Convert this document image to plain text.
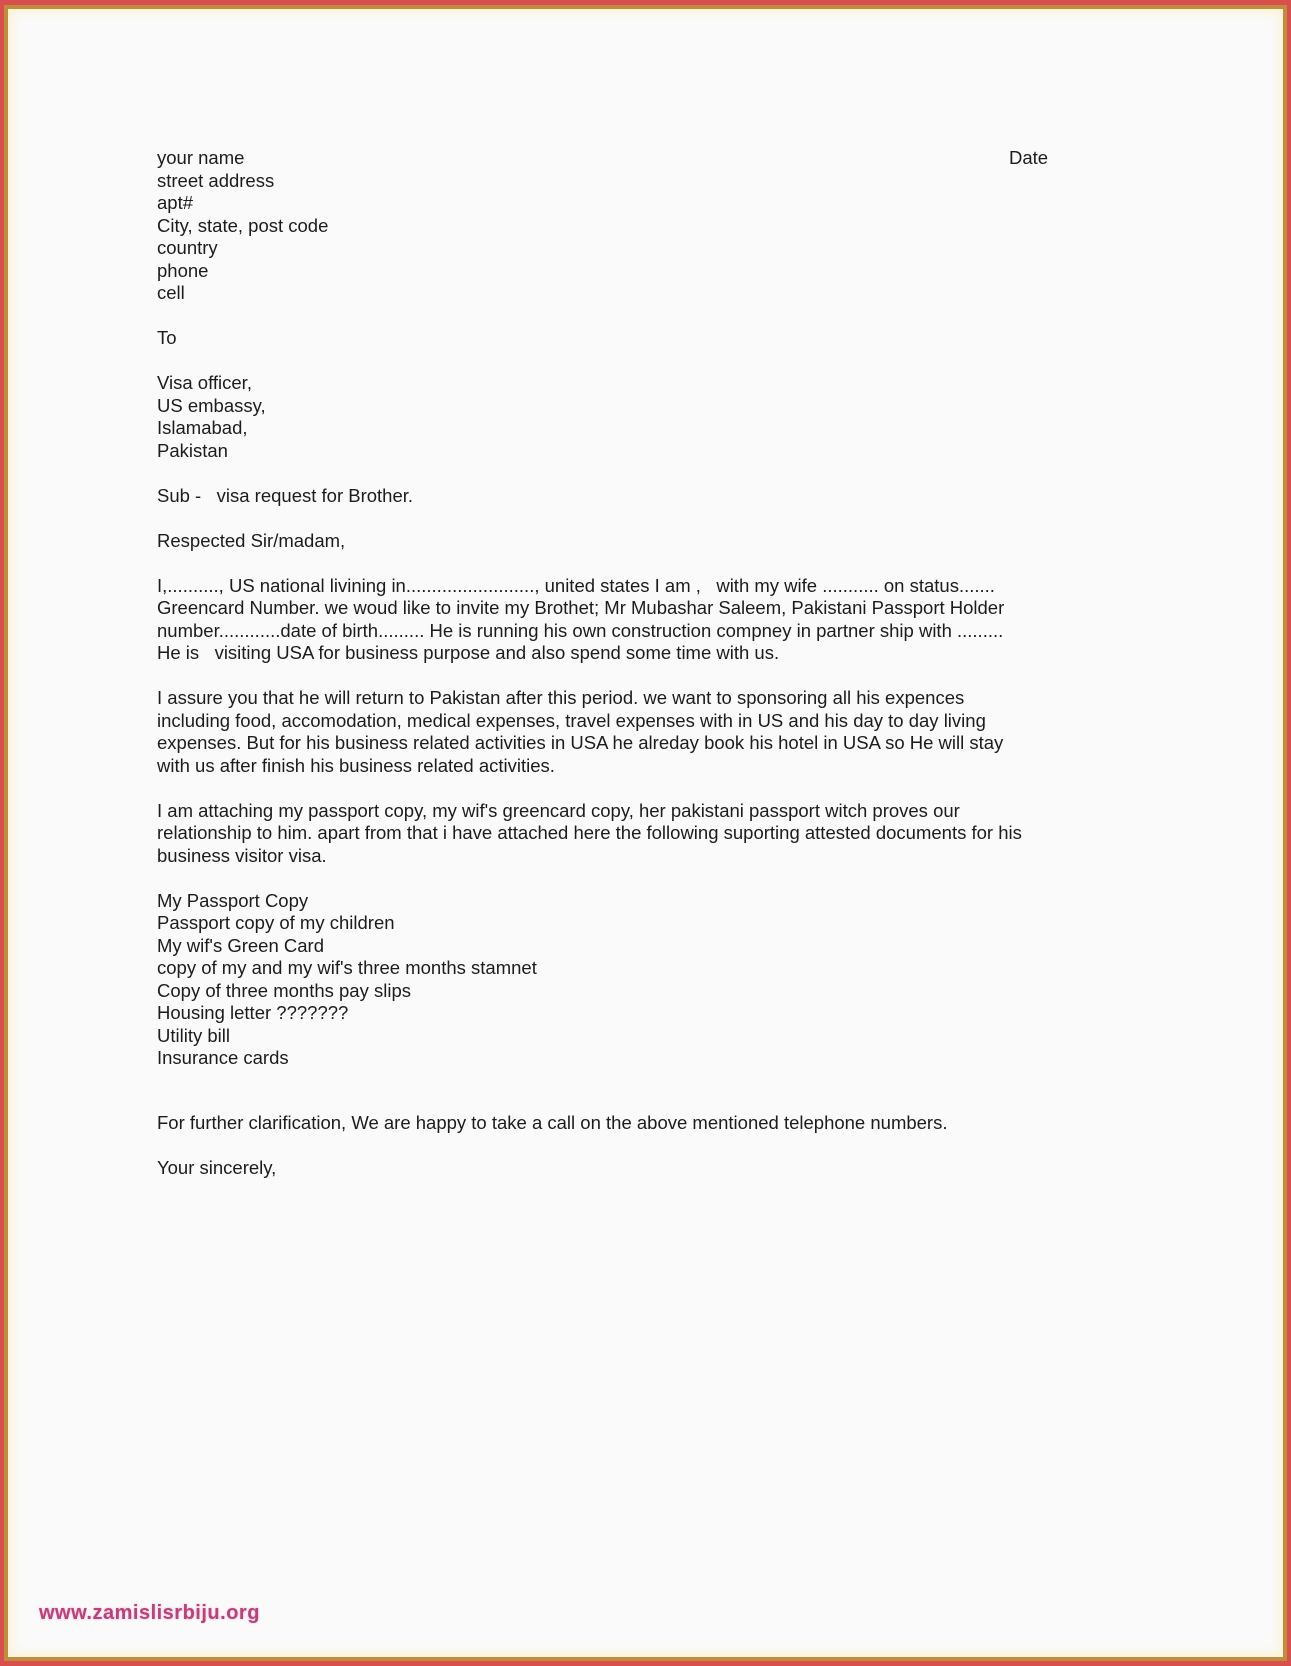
Date
your name
street address
apt#
City, state, post code
country
phone
cell
To
Visa officer,
US embassy,
Islamabad,
Pakistan
Sub -   visa request for Brother.
Respected Sir/madam,
I,.........., US national livining in........................., united states I am ,   with my wife ........... on status.......
Greencard Number. we woud like to invite my Brothet; Mr Mubashar Saleem, Pakistani Passport Holder
number............date of birth......... He is running his own construction compney in partner ship with .........
He is   visiting USA for business purpose and also spend some time with us.
I assure you that he will return to Pakistan after this period. we want to sponsoring all his expences
including food, accomodation, medical expenses, travel expenses with in US and his day to day living
expenses. But for his business related activities in USA he alreday book his hotel in USA so He will stay
with us after finish his business related activities.
I am attaching my passport copy, my wif's greencard copy, her pakistani passport witch proves our
relationship to him. apart from that i have attached here the following suporting attested documents for his
business visitor visa.
My Passport Copy
Passport copy of my children
My wif's Green Card
copy of my and my wif's three months stamnet
Copy of three months pay slips
Housing letter ???????
Utility bill
Insurance cards
For further clarification, We are happy to take a call on the above mentioned telephone numbers.
Your sincerely,
www.zamislisrbiju.org
